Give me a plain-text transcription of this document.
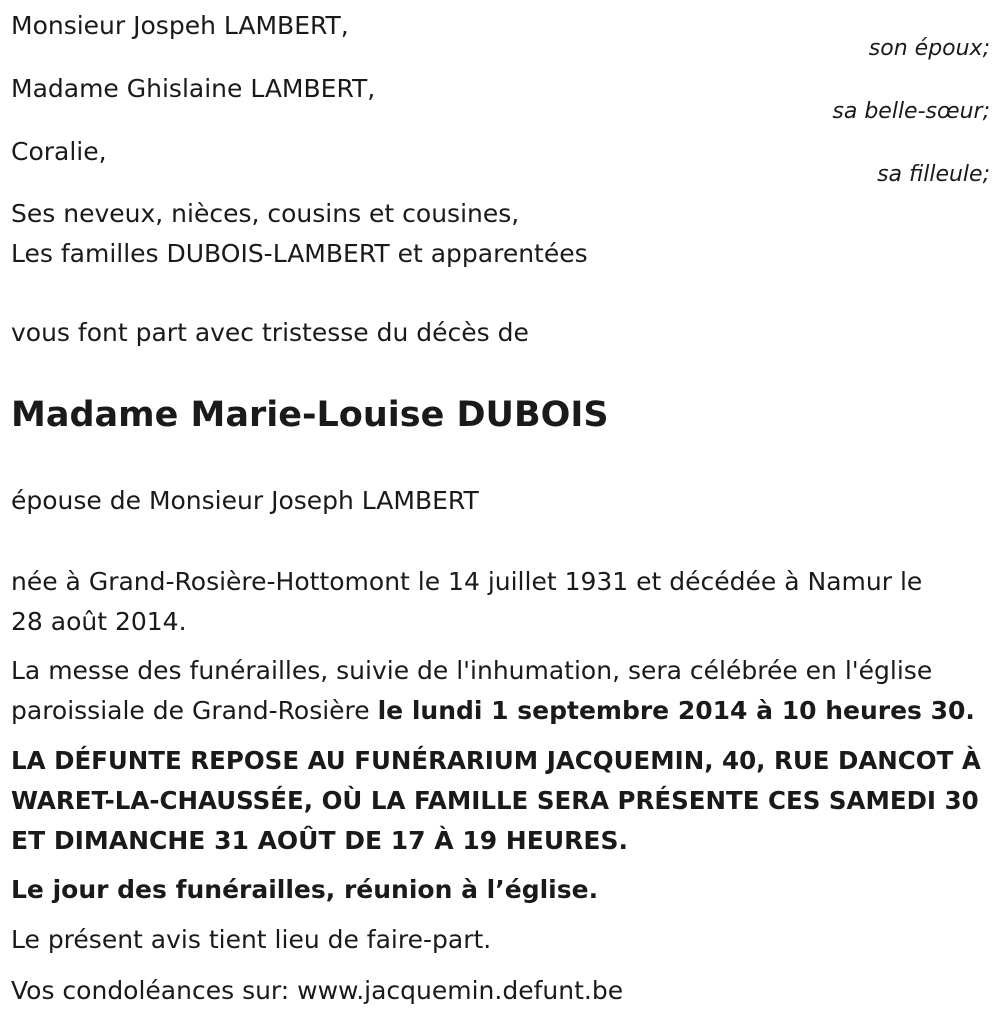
Monsieur Jospeh LAMBERT,
son époux;
Madame Ghislaine LAMBERT,
sa belle-sœur;
Coralie,
sa filleule;
Ses neveux, nièces, cousins et cousines,
Les familles DUBOIS-LAMBERT et apparentées
vous font part avec tristesse du décès de
Madame Marie-Louise DUBOIS
épouse de Monsieur Joseph LAMBERT
née à Grand-Rosière-Hottomont le 14 juillet 1931 et décédée à Namur le
28 août 2014.
La messe des funérailles, suivie de l'inhumation, sera célébrée en l'église
paroissiale de Grand-Rosière le lundi 1 septembre 2014 à 10 heures 30.
LA DÉFUNTE REPOSE AU FUNÉRARIUM JACQUEMIN, 40, RUE DANCOT À
WARET-LA-CHAUSSÉE, OÙ LA FAMILLE SERA PRÉSENTE CES SAMEDI 30
ET DIMANCHE 31 AOÛT DE 17 À 19 HEURES.
Le jour des funérailles, réunion à l’église.
Le présent avis tient lieu de faire-part.
Vos condoléances sur: www.jacquemin.defunt.be
